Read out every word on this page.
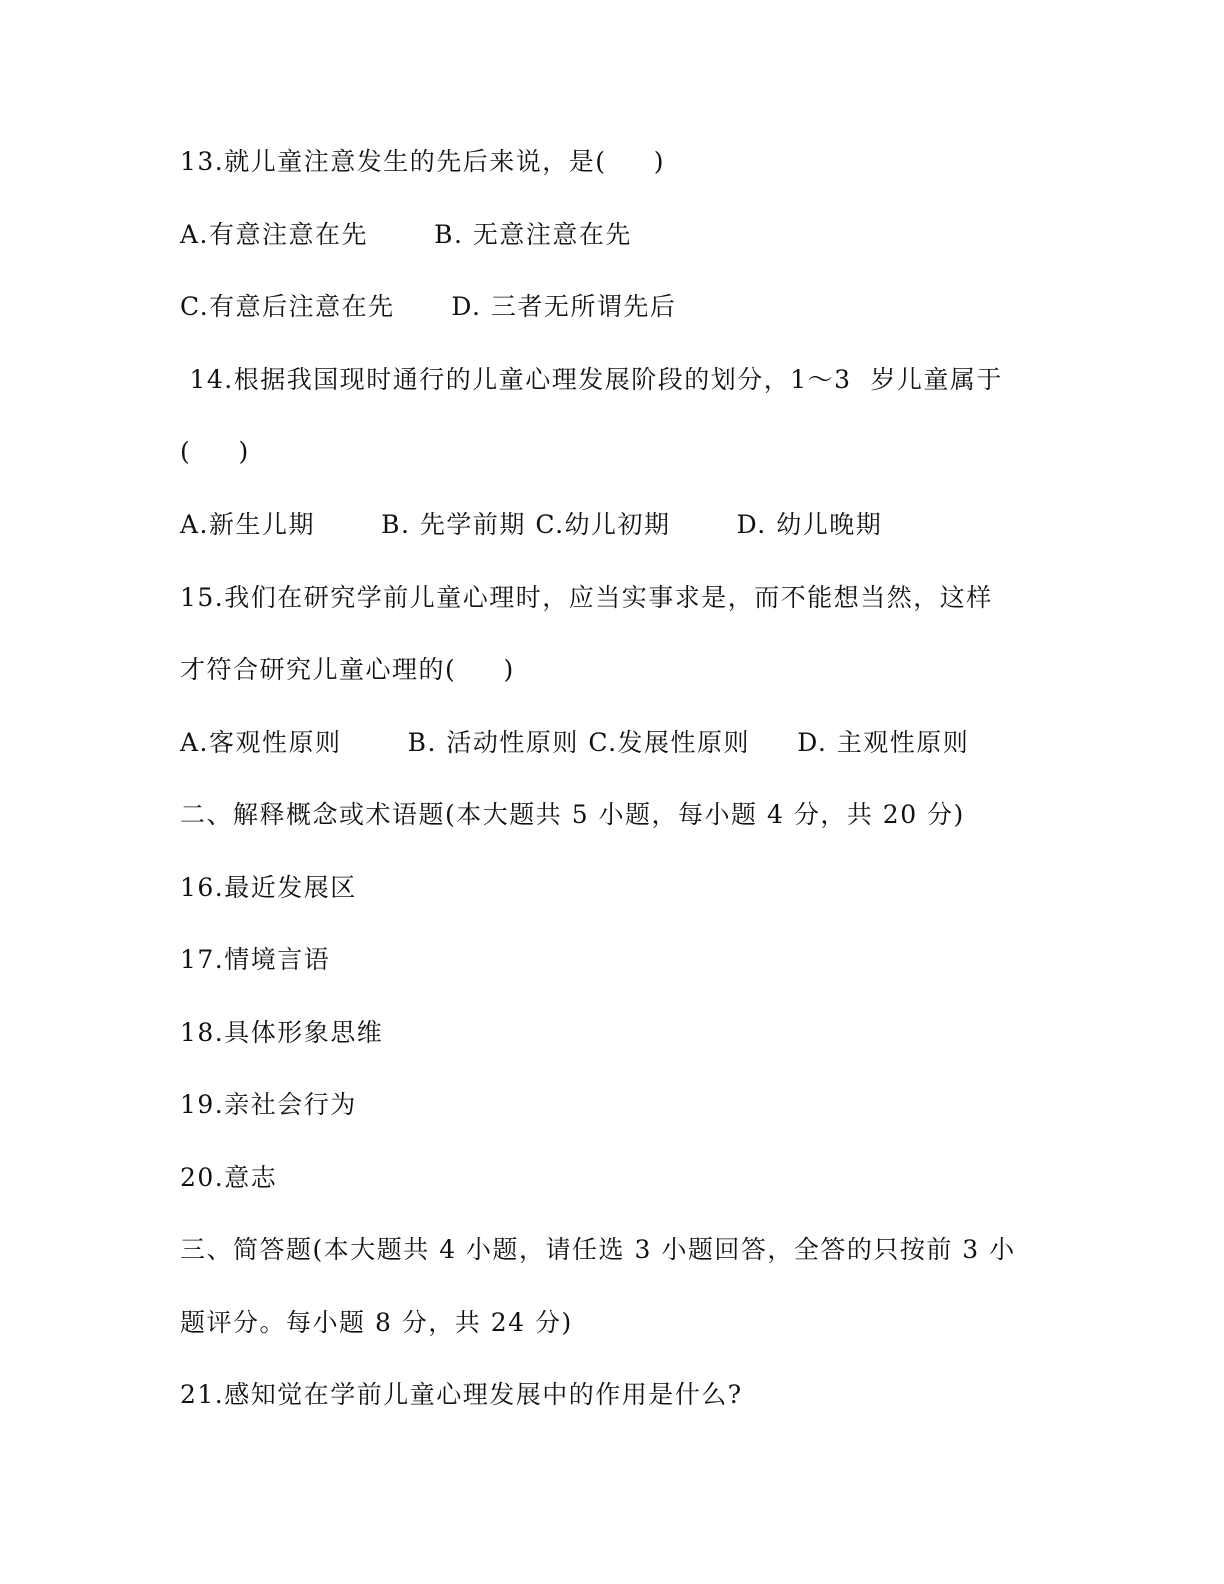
13.就儿童注意发生的先后来说，是(     )
A.有意注意在先       B. 无意注意在先
C.有意后注意在先      D. 三者无所谓先后
14.根据我国现时通行的儿童心理发展阶段的划分，1～3  岁儿童属于
(     )
A.新生儿期       B. 先学前期 C.幼儿初期       D. 幼儿晚期
15.我们在研究学前儿童心理时，应当实事求是，而不能想当然，这样
才符合研究儿童心理的(     )
A.客观性原则       B. 活动性原则 C.发展性原则     D. 主观性原则
二、解释概念或术语题(本大题共 5 小题，每小题 4 分，共 20 分)
16.最近发展区
17.情境言语
18.具体形象思维
19.亲社会行为
20.意志
三、简答题(本大题共 4 小题，请任选 3 小题回答，全答的只按前 3 小
题评分。每小题 8 分，共 24 分)
21.感知觉在学前儿童心理发展中的作用是什么?
